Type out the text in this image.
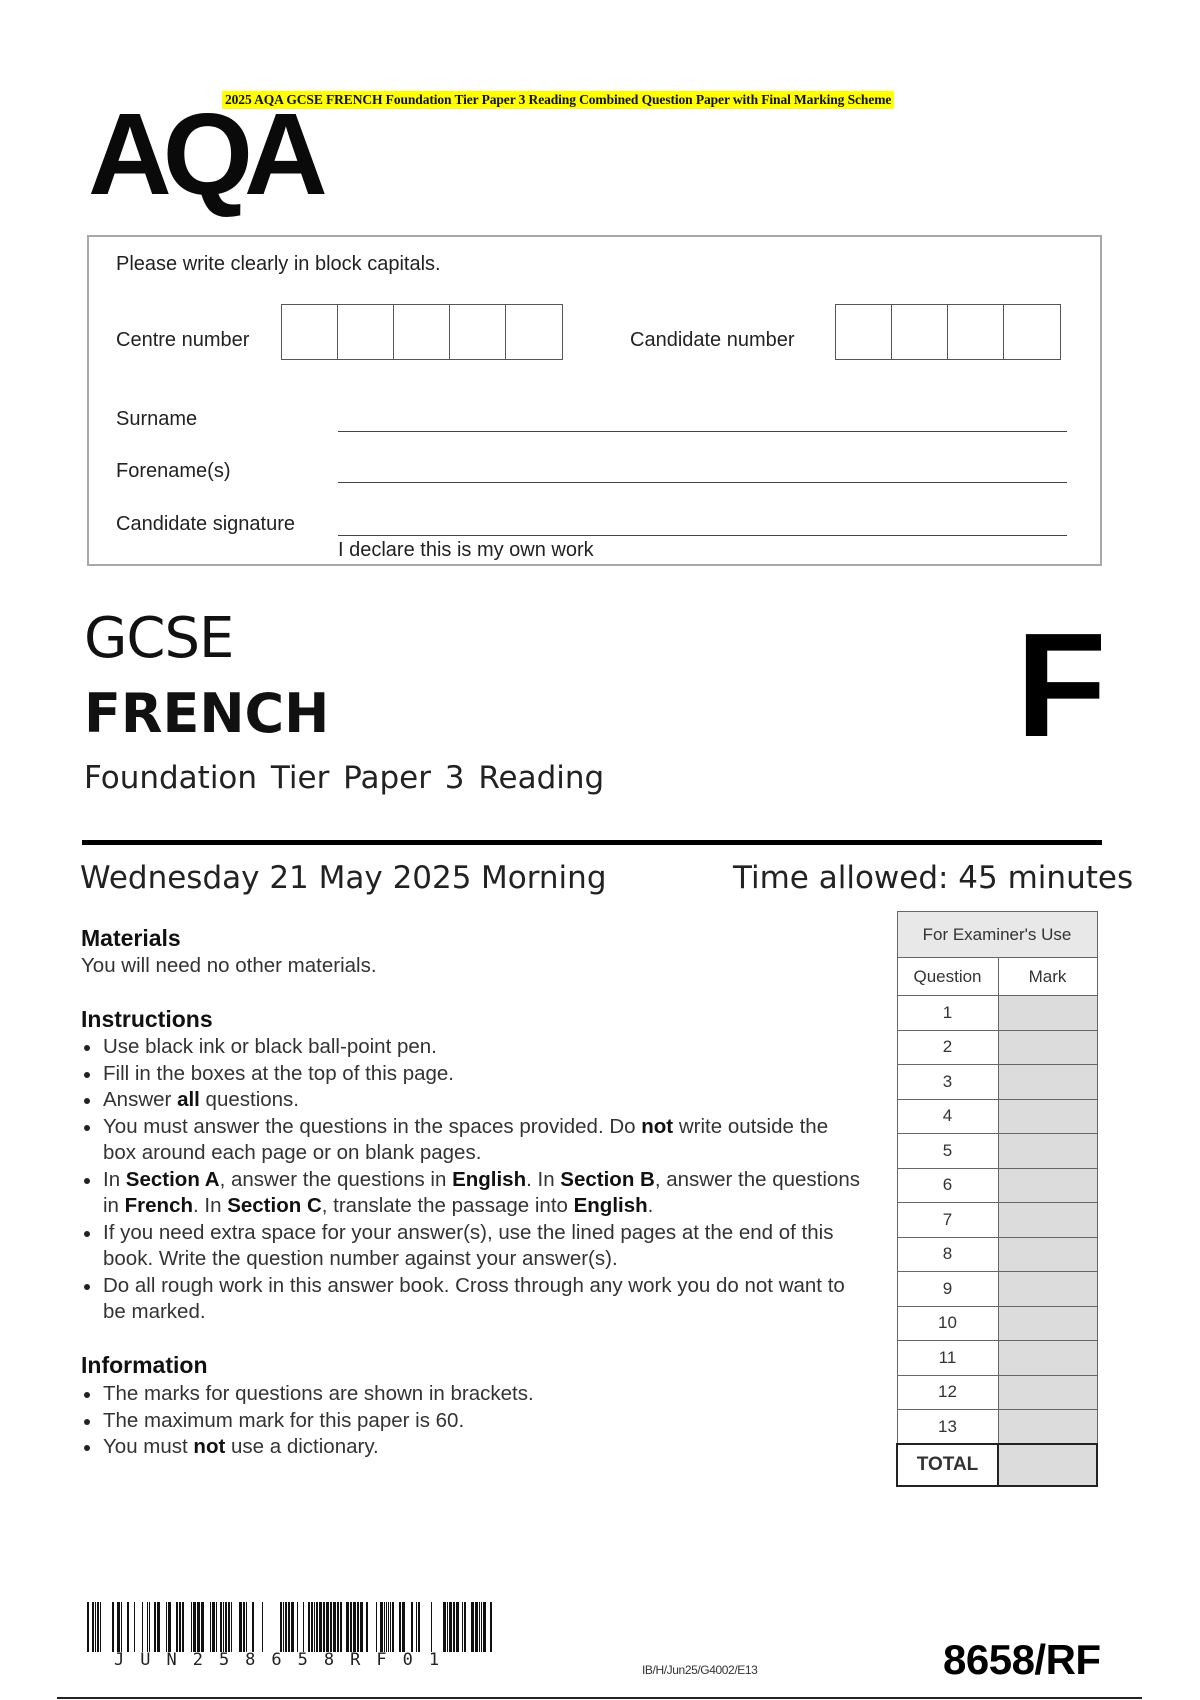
2025 AQA GCSE FRENCH Foundation Tier Paper 3 Reading Combined Question Paper with Final Marking Scheme
AQA
Please write clearly in block capitals.
Centre number	Candidate number
Surname
Forename(s)
Candidate signature
I declare this is my own work
GCSE
FRENCH
Foundation Tier Paper 3 Reading
F
Wednesday 21 May 2025 Morning	Time allowed: 45 minutes
Materials
You will need no other materials.
Instructions
Use black ink or black ball-point pen.
Fill in the boxes at the top of this page.
Answer all questions.
You must answer the questions in the spaces provided. Do not write outside the box around each page or on blank pages.
In Section A, answer the questions in English. In Section B, answer the questions in French. In Section C, translate the passage into English.
If you need extra space for your answer(s), use the lined pages at the end of this book. Write the question number against your answer(s).
Do all rough work in this answer book. Cross through any work you do not want to be marked.
Information
The marks for questions are shown in brackets.
The maximum mark for this paper is 60.
You must not use a dictionary.
For Examiner's Use	
Question	Mark
1	
2	
3	
4	
5	
6	
7	
8	
9	
10	
11	
12	
13	
TOTAL	
JUN258658RF01	IB/H/Jun25/G4002/E13	8658/RF
